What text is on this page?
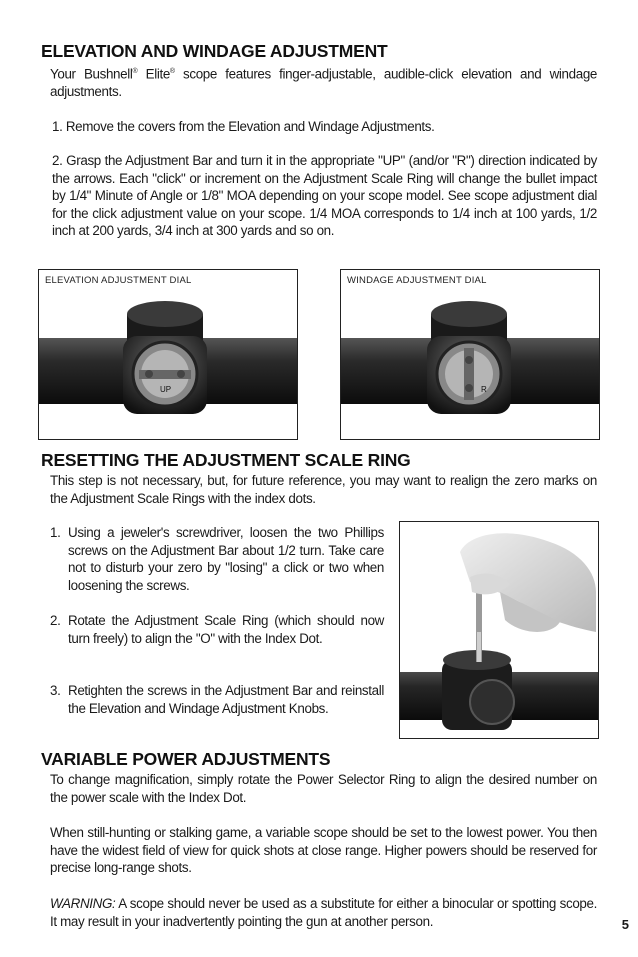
ELEVATION AND WINDAGE ADJUSTMENT

Your Bushnell® Elite® scope features finger-adjustable, audible-click elevation and windage adjustments.

1. Remove the covers from the Elevation and Windage Adjustments.

2. Grasp the Adjustment Bar and turn it in the appropriate "UP" (and/or "R") direction indicated by the arrows. Each "click" or increment on the Adjustment Scale Ring will change the bullet impact by 1/4" Minute of Angle or 1/8" MOA depending on your scope model. See scope adjustment dial for the click adjustment value on your scope. 1/4 MOA corresponds to 1/4 inch at 100 yards, 1/2 inch at 200 yards, 3/4 inch at 300 yards and so on.

ELEVATION ADJUSTMENT DIAL
UP
WINDAGE ADJUSTMENT DIAL
R
RESETTING THE ADJUSTMENT SCALE RING

This step is not necessary, but, for future reference, you may want to realign the zero marks on the Adjustment Scale Rings with the index dots.

1. Using a jeweler's screwdriver, loosen the two Phillips screws on the Adjustment Bar about 1/2 turn. Take care not to disturb your zero by "losing" a click or two when loosening the screws.
2. Rotate the Adjustment Scale Ring (which should now turn freely) to align the "O" with the Index Dot.
3. Retighten the screws in the Adjustment Bar and reinstall the Elevation and Windage Adjustment Knobs.
VARIABLE POWER ADJUSTMENTS

To change magnification, simply rotate the Power Selector Ring to align the desired number on the power scale with the Index Dot.

When still-hunting or stalking game, a variable scope should be set to the lowest power. You then have the widest field of view for quick shots at close range. Higher powers should be reserved for precise long-range shots.

WARNING: A scope should never be used as a substitute for either a binocular or spotting scope. It may result in your inadvertently pointing the gun at another person.	5
